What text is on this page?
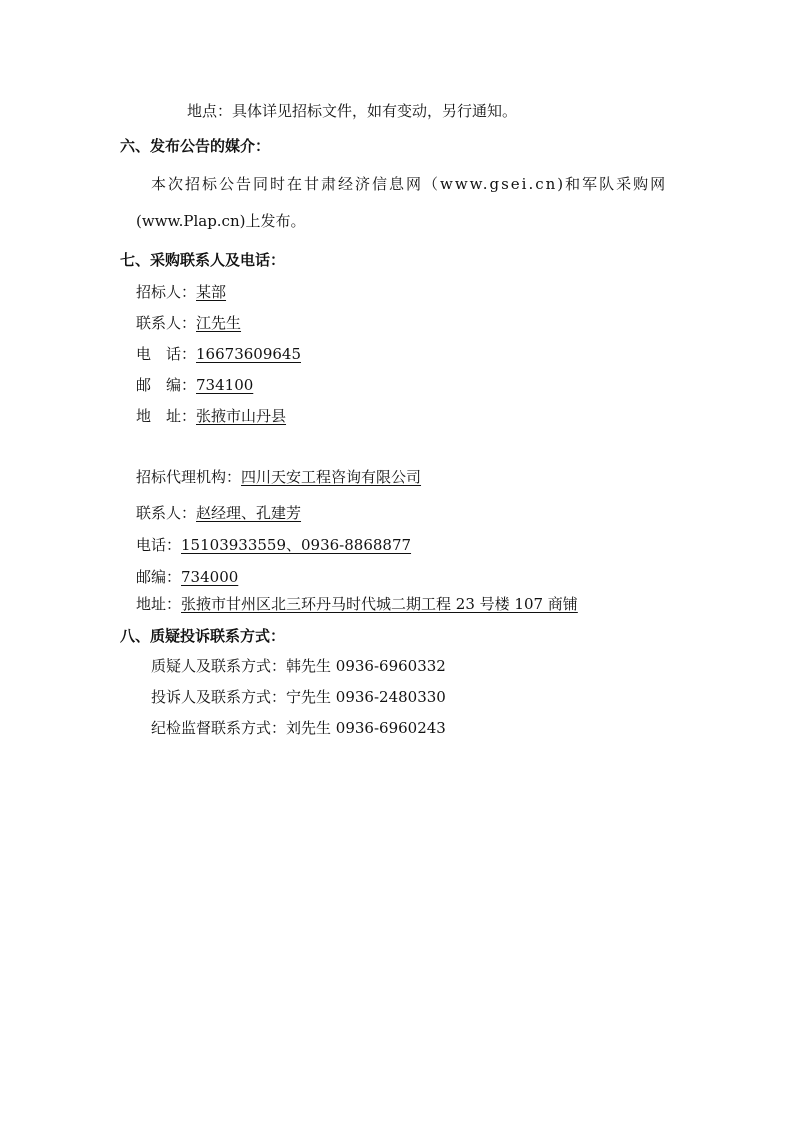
地点：具体详见招标文件，如有变动，另行通知。
六、发布公告的媒介：
本次招标公告同时在甘肃经济信息网（www.gsei.cn)和军队采购网
(www.Plap.cn)上发布。
七、采购联系人及电话：
招标人：某部
联系人：江先生
电　话：16673609645
邮　编：734100
地　址：张掖市山丹县
招标代理机构：四川天安工程咨询有限公司
联系人：赵经理、孔建芳
电话：15103933559、0936-8868877
邮编：734000
地址：张掖市甘州区北三环丹马时代城二期工程 23 号楼 107 商铺
八、质疑投诉联系方式：
质疑人及联系方式：韩先生 0936-6960332
投诉人及联系方式：宁先生 0936-2480330
纪检监督联系方式：刘先生 0936-6960243
